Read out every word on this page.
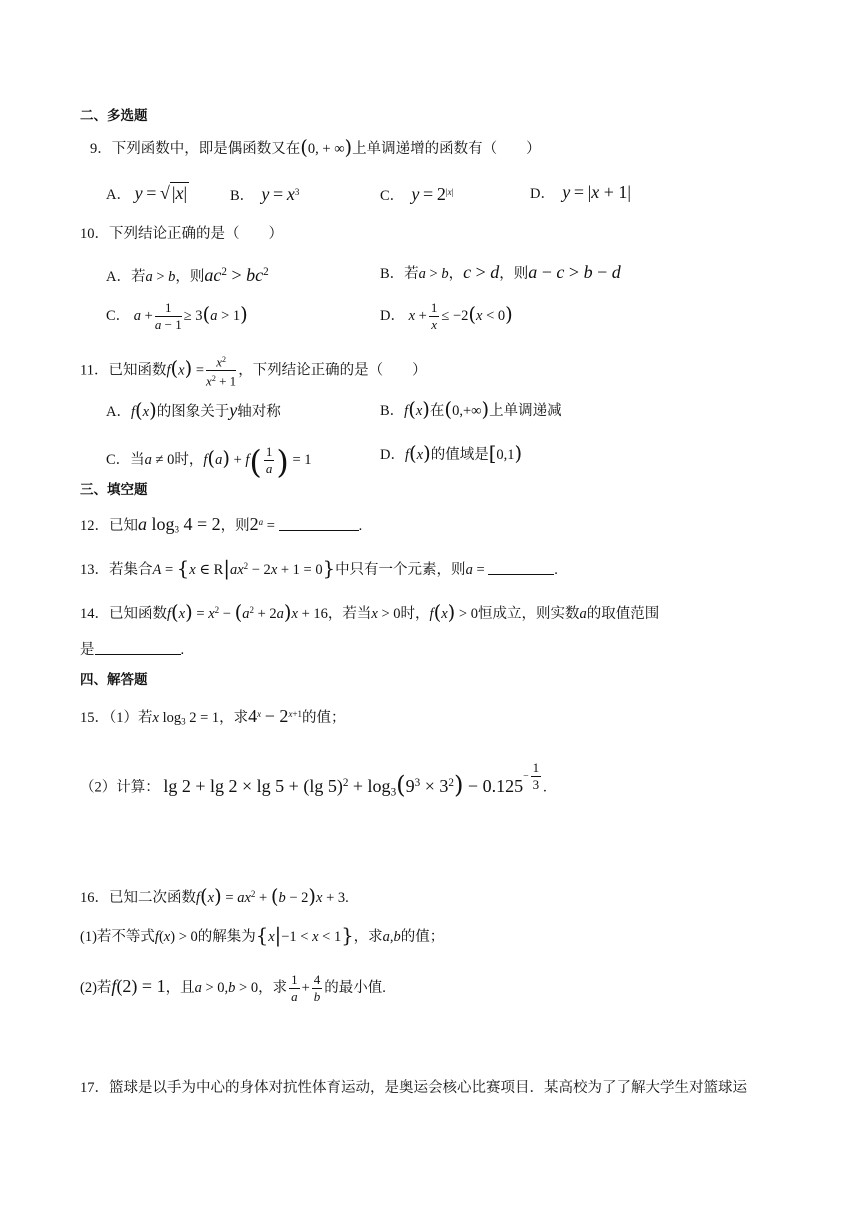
二、多选题
9．下列函数中，即是偶函数又在(0, + ∞)上单调递增的函数有（　　）
A． y = √ |x|	B． $y = x^3$	C． $y = 2^{|x|}$	D． y = |x + 1|
10．下列结论正确的是（　　）
A．若a > b，则$ac^2 > bc^2$	B．若a > b，c > d，则a − c > b − d
C． $a + \frac{1}{a - 1} \ge 3(a > 1)$	D． $x + \frac{1}{x} \le -2(x < 0)$
11．已知函数$f(x) = \frac{x^2}{x^2 + 1}$ ，下列结论正确的是（　　）
A．f(x)的图象关于y轴对称	B．f(x)在(0,+∞)上单调递减
C．当a ≠ 0时，$f(a) + f( \frac{1}{a}$ ) = 1	D．f(x)的值域是[0,1)
三、填空题
12．已知a $\log_3 4 = 2$，则$2^a$ =	.
13．若集合A = {x ∈ $R|ax^2 - 2x + 1 = 0$}中只有一个元素，则a =	.
14．已知函数$f(x) = x^2 - (a^2 + 2a)x + 16$，若当x > 0时，f(x) > 0恒成立，则实数a的取值范围
是	.
四、解答题
15．（1）若x $\log_3 2 = 1$，求$4^x - 2^{x+1}$的值；
（2）计算： lg 2 + lg 2 × lg 5 + (lg $5)^2 + \log_3(9^3 \times 3^2) - 0.125^{- \frac{1}{3}}$ .
16．已知二次函数$f(x) = ax^2 + (b - 2)x + 3$.
(1)若不等式f(x) > 0的解集为{x|−1 < x < 1}，求a,b的值；
(2)若f(2) = 1，且a > 0,b > 0，求 $\frac{1}{a} + \frac{4}{b}$ 的最小值.
17．篮球是以手为中心的身体对抗性体育运动，是奥运会核心比赛项目．某高校为了了解大学生对篮球运
